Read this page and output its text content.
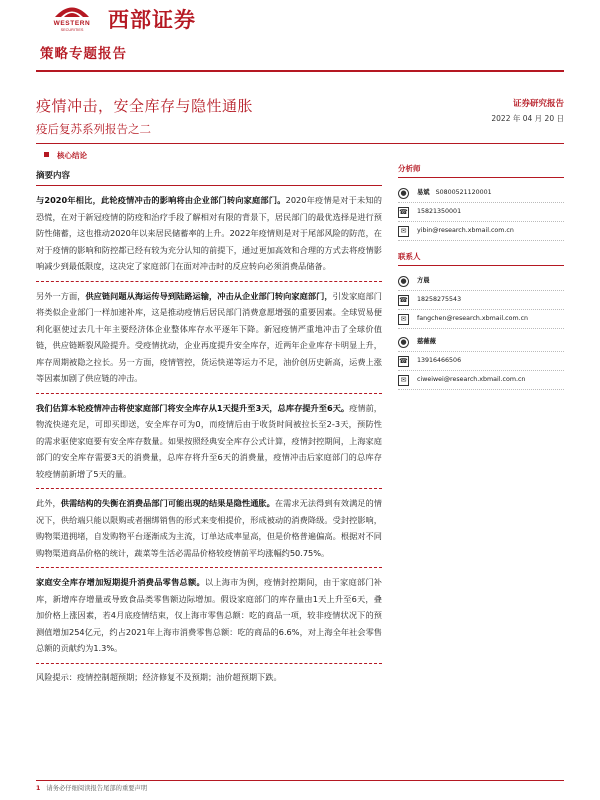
WESTERN
SECURITIES	西部证券
策略专题报告
疫情冲击，安全库存与隐性通胀
疫后复苏系列报告之二
证券研究报告
2022 年 04 月 20 日
核心结论
摘要内容
与2020年相比，此轮疫情冲击的影响将由企业部门转向家庭部门。2020年疫情是对于未知的恐慌，在对于新冠疫情的防疫和治疗手段了解相对有限的背景下，居民部门的最优选择是进行预防性储蓄，这也推动2020年以来居民储蓄率的上升。2022年疫情则是对于尾部风险的防范，在对于疫情的影响和防控都已经有较为充分认知的前提下，通过更加高效和合理的方式去将疫情影响减少到最低限度，这决定了家庭部门在面对冲击时的反应转向必须消费品储备。
另外一方面，供应链问题从海运传导到陆路运输，冲击从企业部门转向家庭部门，引发家庭部门将类似企业部门一样加速补库，这是推动疫情后居民部门消费意愿增强的重要因素。全球贸易便利化驱使过去几十年主要经济体企业整体库存水平逐年下降。新冠疫情严重地冲击了全球价值链，供应链断裂风险提升。受疫情扰动，企业再度提升安全库存，近两年企业库存卡明显上升，库存周期被隐之拉长。另一方面，疫情管控，货运快递等运力不足，油价创历史新高，运费上涨等因素加剧了供应链的冲击。
我们估算本轮疫情冲击将使家庭部门将安全库存从1天提升至3天，总库存提升至6天。疫情前，物流快递充足，可即买即送，安全库存可为0，而疫情后由于收货时间被拉长至2-3天，预防性的需求驱使家庭要有安全库存数量。如果按照经典安全库存公式计算，疫情封控期间，上海家庭部门的安全库存需要3天的消费量，总库存将升至6天的消费量，疫情冲击后家庭部门的总库存较疫情前新增了5天的量。
此外，供需结构的失衡在消费品部门可能出现的结果是隐性通胀。在需求无法得到有效满足的情况下，供给端只能以限购或者捆绑销售的形式来变相提价，形成被动的消费降级。受封控影响，购物渠道拥堵，自发购物平台逐渐成为主流，订单达成率显高，但是价格普遍偏高。根据对不同购物渠道商品价格的统计，蔬菜等生活必需品价格较疫情前平均涨幅约50.75%。
家庭安全库存增加短期提升消费品零售总额。以上海市为例，疫情封控期间，由于家庭部门补库，新增库存增量或导致食品类零售额边际增加。假设家庭部门的库存量由1天上升至6天，叠加价格上涨因素，若4月底疫情结束，仅上海市零售总额：吃的商品一项，较非疫情状况下的预测值增加254亿元，约占2021年上海市消费零售总额：吃的商品的6.6%，对上海全年社会零售总额的贡献约为1.3%。
风险提示：疫情控制超预期；经济修复不及预期；油价超预期下跌。
分析师
●	易斌 S0800521120001
☎ 15821350001
✉	yibin@research.xbmail.com.cn
联系人
●	方晨
☎ 18258275543
✉	fangchen@research.xbmail.com.cn
●	慈薇薇
☎ 13916466506
✉	ciweiwei@research.xbmail.com.cn
1 请务必仔细阅读报告尾部的重要声明
